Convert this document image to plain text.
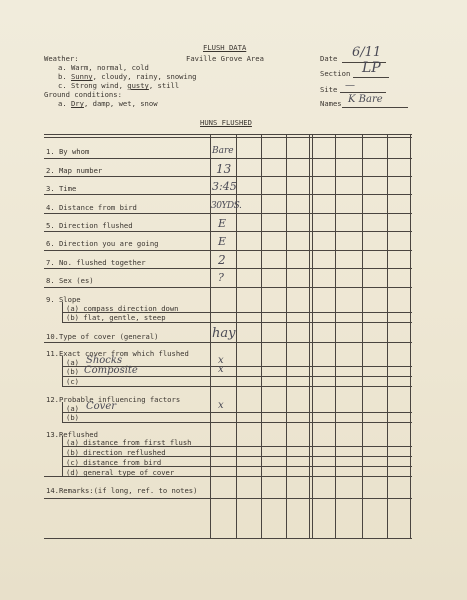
FLUSH DATA
Faville Grove Area
Weather:
a. Warm, normal, cold
b. Sunny, cloudy, rainy, snowing
c. Strong wind, gusty, still
Ground conditions:
a. Dry, damp, wet, snow
Date 6/11
Section LP
Site —
Names K Bare
HUNS FLUSHED
1. By whom
2. Map number
3. Time
4. Distance from bird
5. Direction flushed
6. Direction you are going
7. No. flushed together
8. Sex (es)
9. Slope
(a) compass direction down
(b) flat, gentle, steep
10.Type of cover (general)
11.Exact cover from which flushed
(a)
(b)
(c)
12.Probable influencing factors
(a)
(b)
13.Reflushed
(a) distance from first flush
(b) direction reflushed
(c) distance from bird
(d) general type of cover
14.Remarks:(if long, ref. to notes)
Bare
13
3:45
30YDS.
E
E
2
?
hay
Shocks
Composite
x
x
Cover	x
